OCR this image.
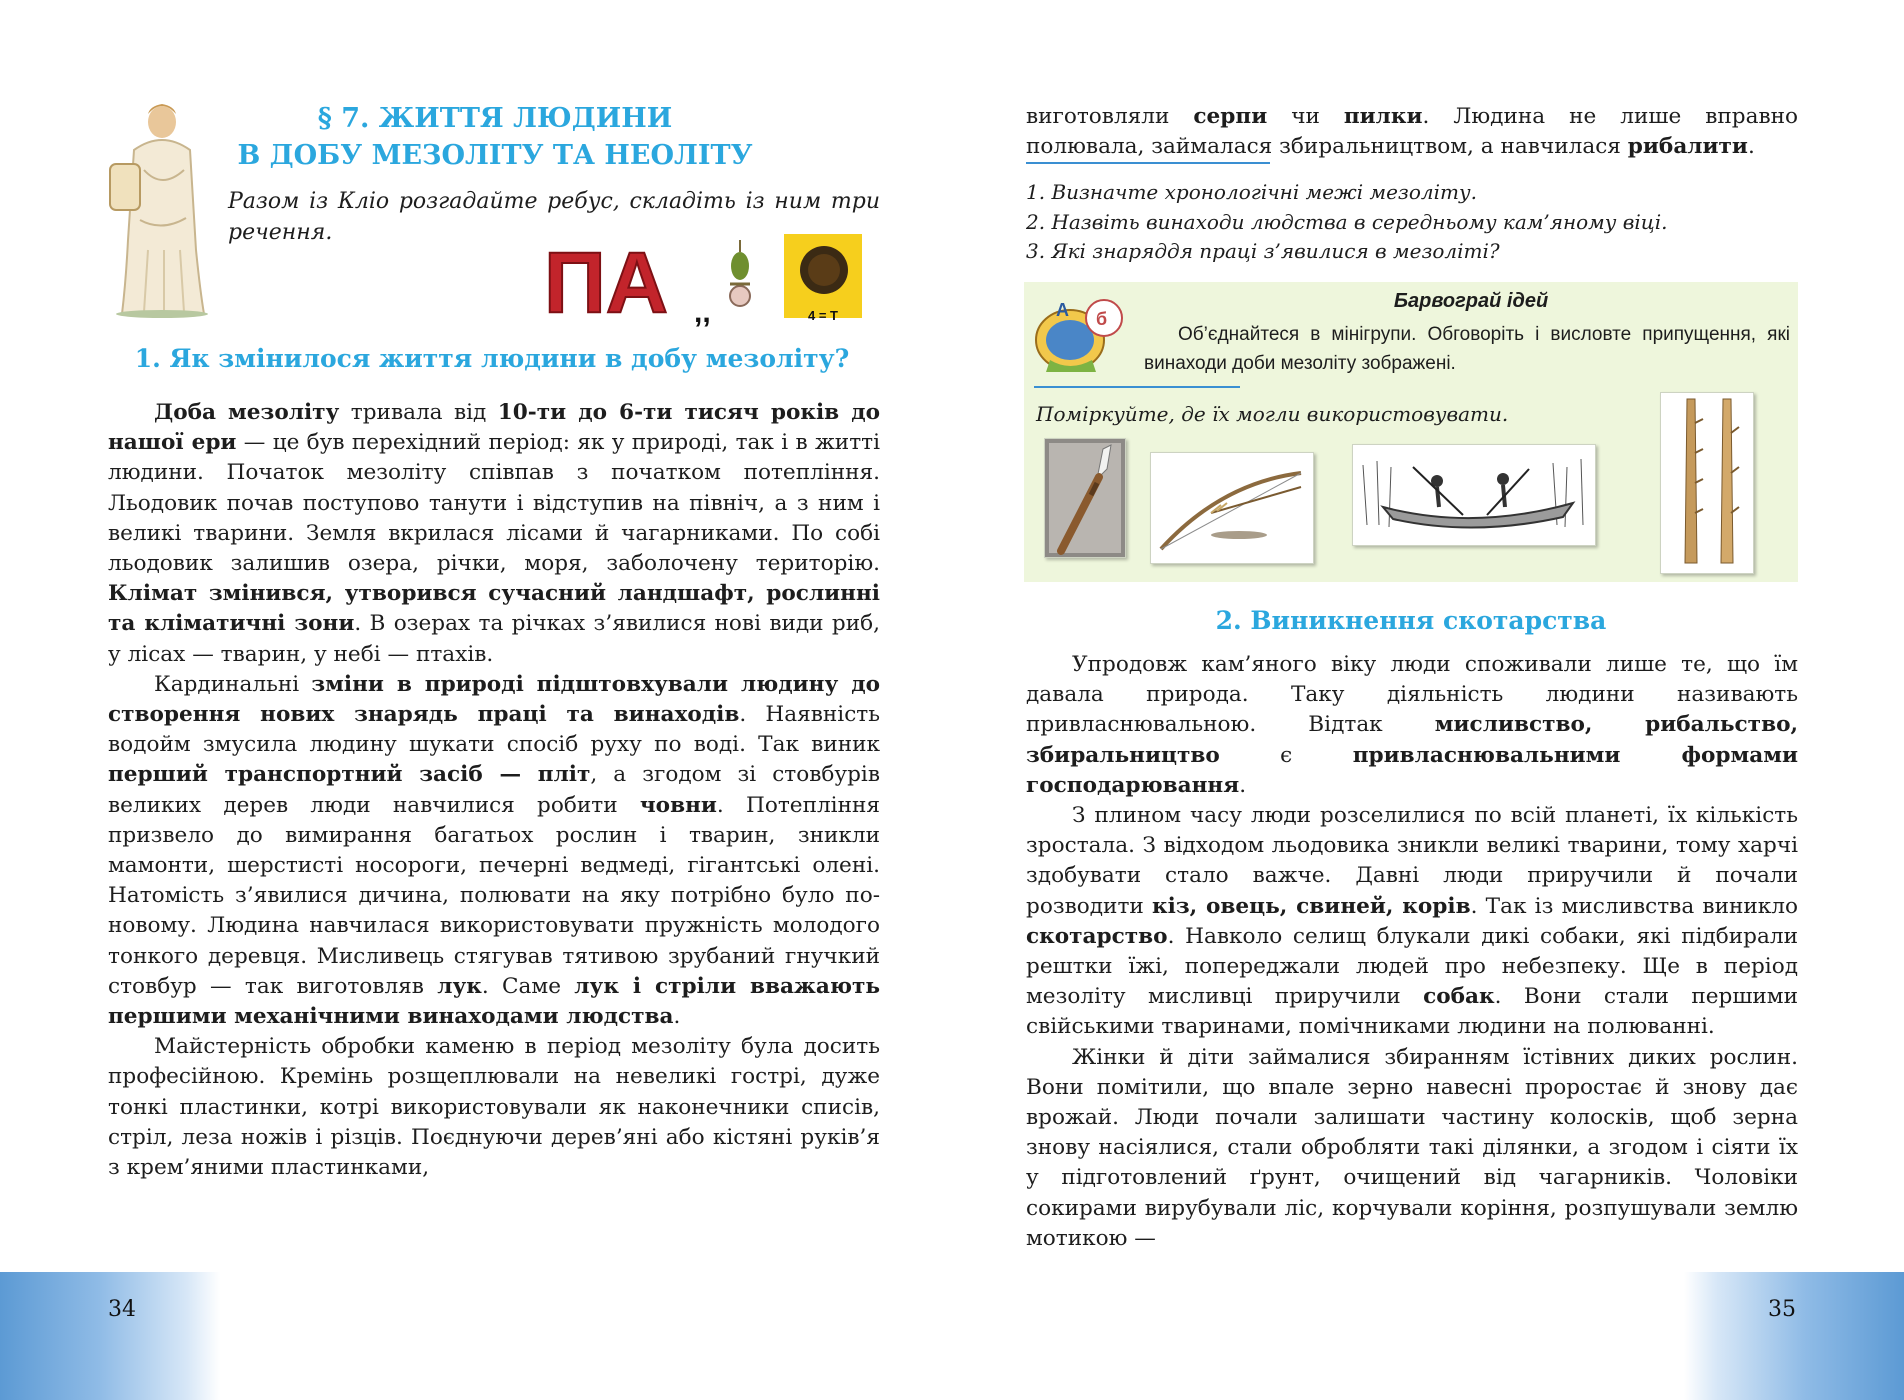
34
§ 7. ЖИТТЯ ЛЮДИНИ
В ДОБУ МЕЗОЛІТУ ТА НЕОЛІТУ
Разом із Кліо розгадайте ребус, складіть із ним три речення.
ПА ,,	4 = Т
1. Як змінилося життя людини в добу мезоліту?

Доба мезоліту тривала від 10-ти до 6-ти тисяч років до нашої ери — це був перехідний період: як у природі, так і в житті людини. Початок мезоліту співпав з початком потепління. Льодовик почав поступово танути і відступив на північ, а з ним і великі тварини. Земля вкрилася лісами й чагарниками. По собі льодовик залишив озера, річки, моря, заболочену територію. Клімат змінився, утворився сучасний ландшафт, рослинні та кліматичні зони. В озерах та річках з’явилися нові види риб, у лісах — тварин, у небі — птахів.

Кардинальні зміни в природі підштовхували людину до створення нових знарядь праці та винаходів. Наявність водойм змусила людину шукати спосіб руху по воді. Так виник перший транспортний засіб — пліт, а згодом зі стовбурів великих дерев люди навчилися робити човни. Потепління призвело до вимирання багатьох рослин і тварин, зникли мамонти, шерстисті носороги, печерні ведмеді, гігантські олені. Натомість з’явилися дичина, полювати на яку потрібно було по-новому. Людина навчилася використовувати пружність молодого тонкого деревця. Мисливець стягував тятивою зрубаний гнучкий стовбур — так виготовляв лук. Саме лук і стріли вважають першими механічними винаходами людства.

Майстерність обробки каменю в період мезоліту була досить професійною. Кремінь розщеплювали на невеликі гострі, дуже тонкі пластинки, котрі використовували як наконечники списів, стріл, леза ножів і різців. Поєднуючи дерев’яні або кістяні руків’я з крем’яними пластинками,

35

виготовляли серпи чи пилки. Людина не лише вправно полювала, займалася збиральництвом, а навчилася рибалити.

1. Визначте хронологічні межі мезоліту.
2. Назвіть винаходи людства в середньому кам’яному віці.
3. Які знаряддя праці з’явилися в мезоліті?
б
А	Барвограй ідей
Об’єднайтеся в мінігрупи. Обговоріть і висловте припущення, які винаходи доби мезоліту зображені.
Поміркуйте, де їх могли використовувати.
2. Виникнення скотарства

Упродовж кам’яного віку люди споживали лише те, що їм давала природа. Таку діяльність людини називають привласнювальною. Відтак мисливство, рибальство, збиральництво є привласнювальними формами господарювання.

З плином часу люди розселилися по всій планеті, їх кількість зростала. З відходом льодовика зникли великі тварини, тому харчі здобувати стало важче. Давні люди приручили й почали розводити кіз, овець, свиней, корів. Так із мисливства виникло скотарство. Навколо селищ блукали дикі собаки, які підбирали рештки їжі, попереджали людей про небезпеку. Ще в період мезоліту мисливці приручили собак. Вони стали першими свійськими тваринами, помічниками людини на полюванні.

Жінки й діти займалися збиранням їстівних диких рослин. Вони помітили, що впале зерно навесні проростає й знову дає врожай. Люди почали залишати частину колосків, щоб зерна знову насіялися, стали обробляти такі ділянки, а згодом і сіяти їх у підготовлений ґрунт, очищений від чагарників. Чоловіки сокирами вирубували ліс, корчували коріння, розпушували землю мотикою —
